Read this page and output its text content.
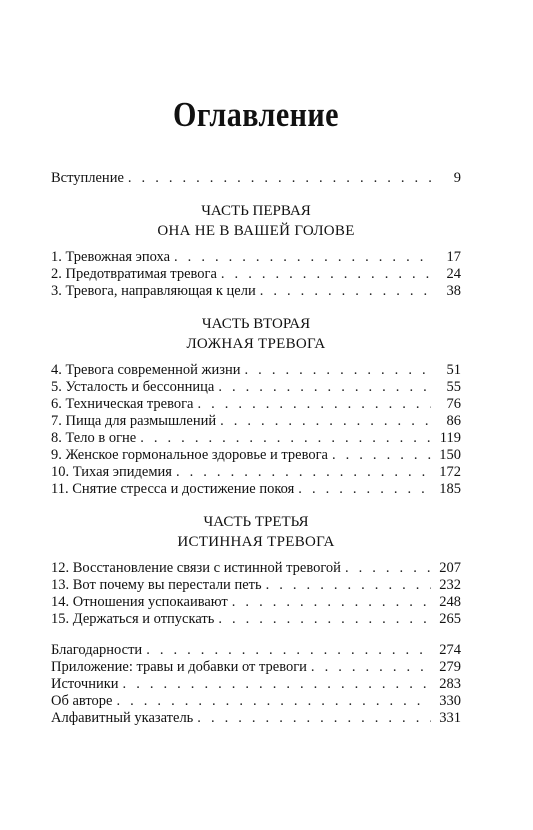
Оглавление
Вступление . . .	9
ЧАСТЬ ПЕРВАЯ
ОНА НЕ В ВАШЕЙ ГОЛОВЕ
1. Тревожная эпоха . . .	17
2. Предотвратимая тревога . . .	24
3. Тревога, направляющая к цели . . .	38
ЧАСТЬ ВТОРАЯ
ЛОЖНАЯ ТРЕВОГА
4. Тревога современной жизни . . .	51
5. Усталость и бессонница . . .	55
6. Техническая тревога . . .	76
7. Пища для размышлений . . .	86
8. Тело в огне . . .	119
9. Женское гормональное здоровье и тревога . . .	150
10. Тихая эпидемия . . .	172
11. Снятие стресса и достижение покоя . . .	185
ЧАСТЬ ТРЕТЬЯ
ИСТИННАЯ ТРЕВОГА
12. Восстановление связи с истинной тревогой . . .	207
13. Вот почему вы перестали петь . . .	232
14. Отношения успокаивают . . .	248
15. Держаться и отпускать . . .	265
Благодарности . . .	274
Приложение: травы и добавки от тревоги . . .	279
Источники . . .	283
Об авторе . . .	330
Алфавитный указатель . . .	331
